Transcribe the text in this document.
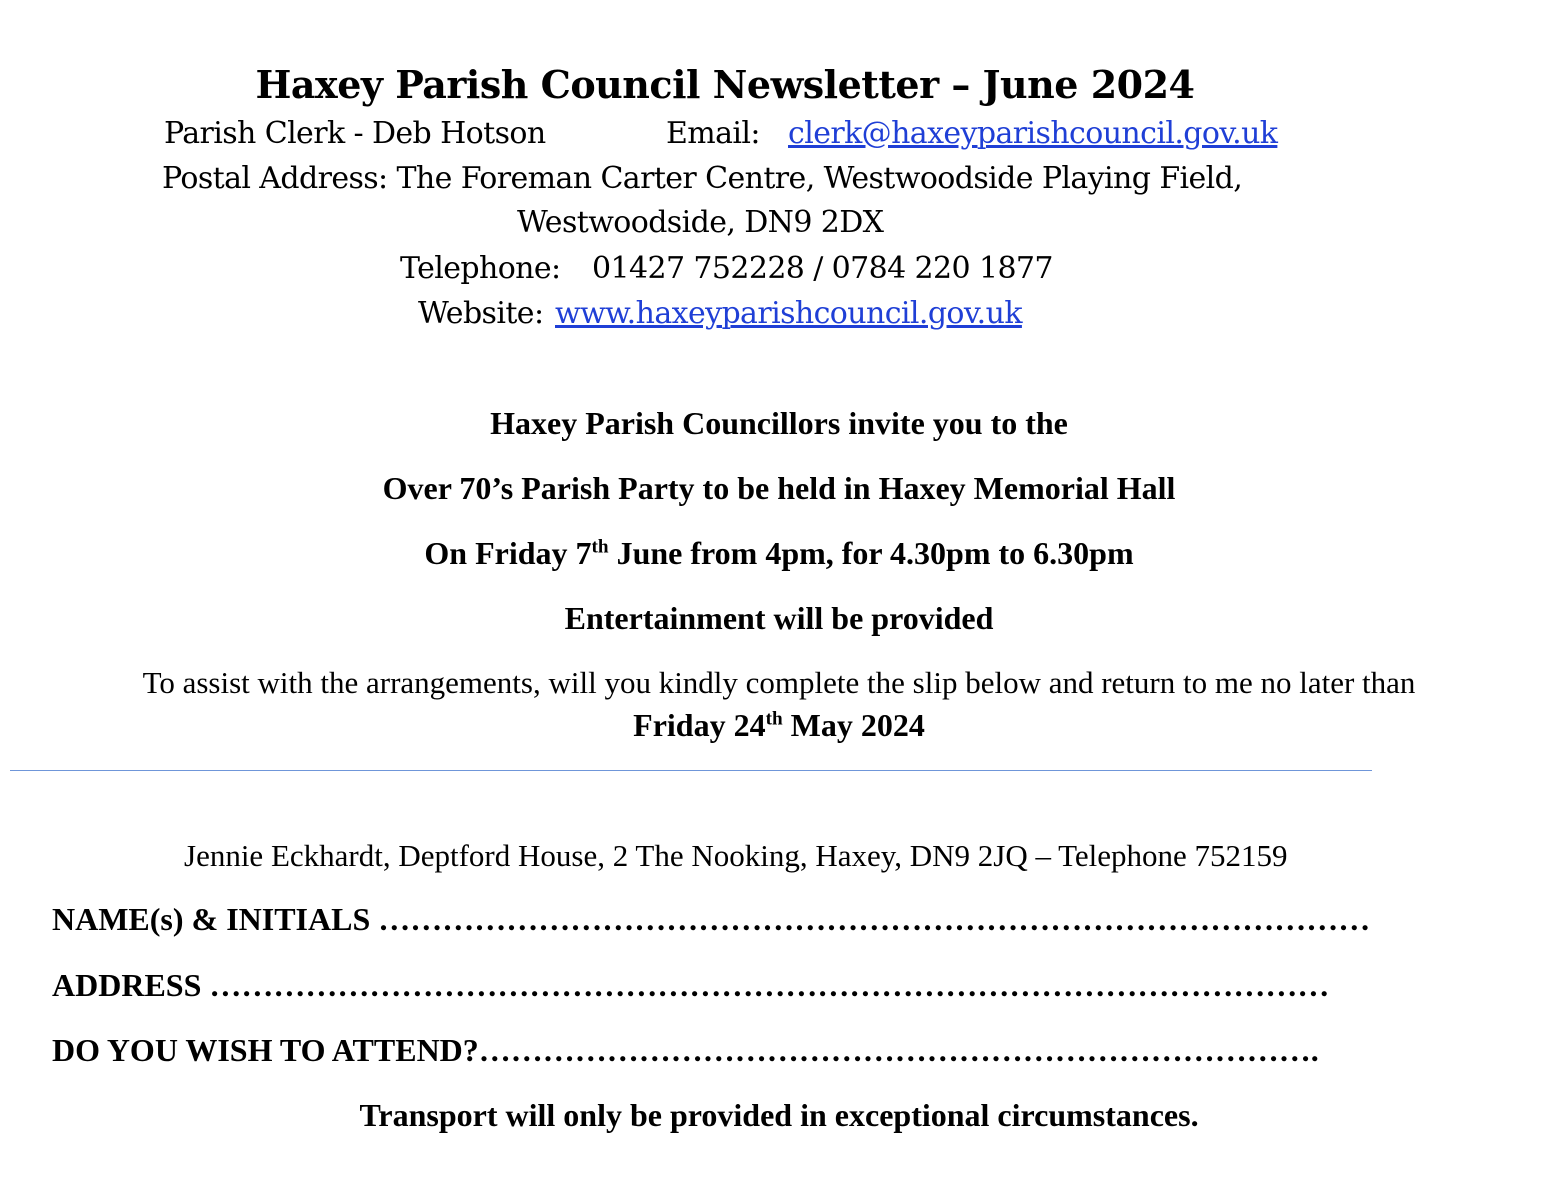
Haxey Parish Council Newsletter – June 2024
Parish Clerk - Deb Hotson	Email: clerk@haxeyparishcouncil.gov.uk
Postal Address: The Foreman Carter Centre, Westwoodside Playing Field,
Westwoodside, DN9 2DX
Telephone: 01427 752228 / 0784 220 1877
Website: www.haxeyparishcouncil.gov.uk
Haxey Parish Councillors invite you to the
Over 70’s Parish Party to be held in Haxey Memorial Hall
On Friday 7th June from 4pm, for 4.30pm to 6.30pm
Entertainment will be provided
To assist with the arrangements, will you kindly complete the slip below and return to me no later than
Friday 24th May 2024
Jennie Eckhardt, Deptford House, 2 The Nooking, Haxey, DN9 2JQ – Telephone 752159
NAME(s) & INITIALS …………………………………………………………………………………
ADDRESS ……………………………………………………………………………………………
DO YOU WISH TO ATTEND?…………………………………………………………………….
Transport will only be provided in exceptional circumstances.
